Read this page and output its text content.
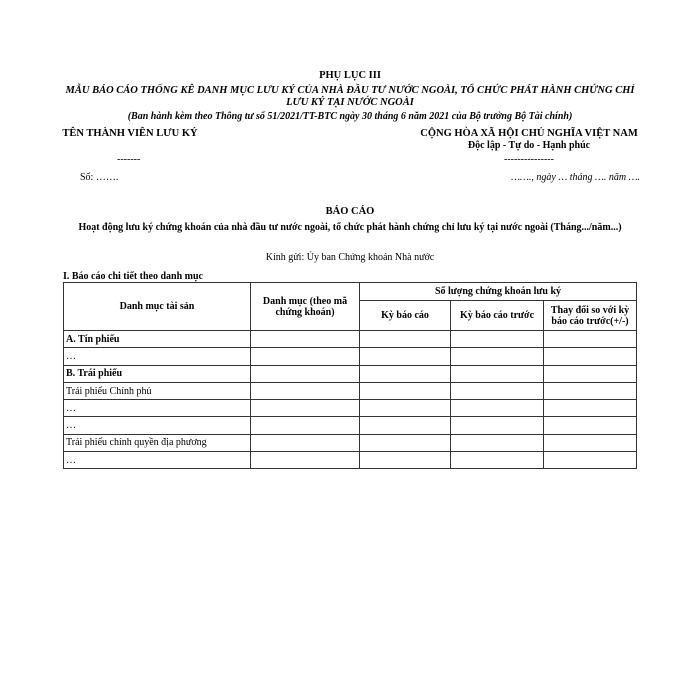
PHỤ LỤC III
MẪU BÁO CÁO THỐNG KÊ DANH MỤC LƯU KÝ CỦA NHÀ ĐẦU TƯ NƯỚC NGOÀI, TỔ CHỨC PHÁT HÀNH CHỨNG CHỈ LƯU KÝ TẠI NƯỚC NGOÀI
(Ban hành kèm theo Thông tư số 51/2021/TT-BTC ngày 30 tháng 6 năm 2021 của Bộ trưởng Bộ Tài chính)
TÊN THÀNH VIÊN LƯU KÝ
-------
Số: …….
CỘNG HÒA XÃ HỘI CHỦ NGHĨA VIỆT NAM
Độc lập - Tự do - Hạnh phúc
---------------
……., ngày … tháng …. năm ….
BÁO CÁO
Hoạt động lưu ký chứng khoán của nhà đầu tư nước ngoài, tổ chức phát hành chứng chỉ lưu ký tại nước ngoài (Tháng.../năm...)
Kính gửi: Ủy ban Chứng khoán Nhà nước
I. Báo cáo chi tiết theo danh mục
Danh mục tài sản	Danh mục (theo mã chứng khoán)	Số lượng chứng khoán lưu ký		
		Kỳ báo cáo	Kỳ báo cáo trước	Thay đổi so với kỳ báo cáo trước(+/-)
A. Tín phiếu				
…				
B. Trái phiếu				
Trái phiếu Chính phủ				
…				
…				
Trái phiếu chính quyền địa phương				
…				
